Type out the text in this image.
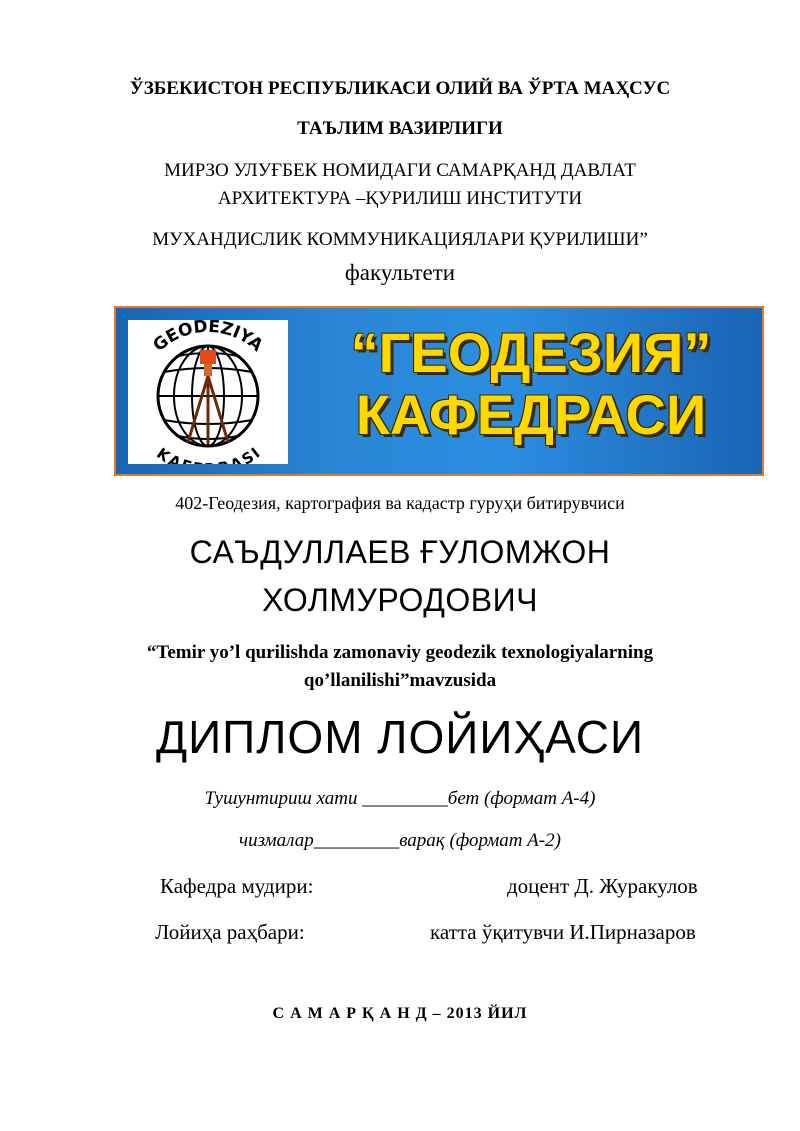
ЎЗБЕКИСТОН РЕСПУБЛИКАСИ ОЛИЙ ВА ЎРТА МАҲСУС
ТАЪЛИМ ВАЗИРЛИГИ
МИРЗО УЛУҒБЕК НОМИДАГИ САМАРҚАНД ДАВЛАТ
АРХИТЕКТУРА –ҚУРИЛИШ ИНСТИТУТИ
МУХАНДИСЛИК КОММУНИКАЦИЯЛАРИ ҚУРИЛИШИ”
факультети
GEODEZIYA
KA ASI
“ГЕОДЕЗИЯ”
КАФЕДРАСИ
402-Геодезия, картография ва кадастр гуруҳи битирувчиси
САЪДУЛЛАЕВ ҒУЛОМЖОН
ХОЛМУРОДОВИЧ
“Temir yo’l qurilishda zamonaviy geodezik texnologiyalarning
qo’llanilishi”mavzusida
ДИПЛОМ ЛОЙИҲАСИ
Тушунтириш хати _________бет (формат А-4)
чизмалар_________варақ (формат А-2)
Кафедра мудири:	доцент Д. Журакулов
Лойиҳа раҳбари:	катта ўқитувчи И.Пирназаров
С А М А Р Қ А Н Д – 2013 ЙИЛ
